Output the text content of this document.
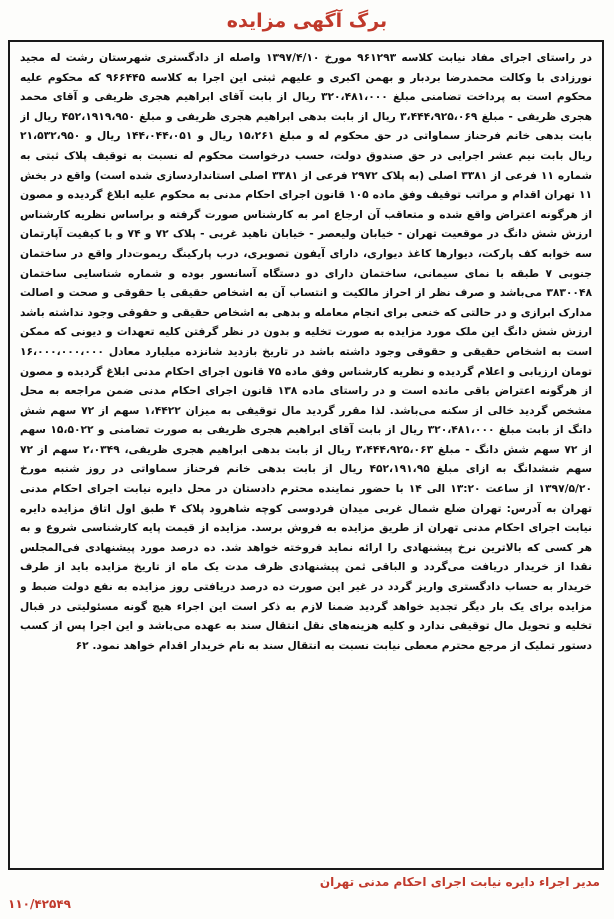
برگ آگهی مزایده

در راستای اجرای مفاد نیابت کلاسه ۹۶۱۲۹۳ مورخ ۱۳۹۷/۴/۱۰ واصله از دادگستری شهرستان رشت له مجید نورزادی با وکالت محمدرضا بردبار و بهمن اکبری و علیهم ثبتی این اجرا به کلاسه ۹۶۶۴۴۵ که محکوم علیه محکوم است به پرداخت تضامنی مبلغ ۳۲۰،۴۸۱،۰۰۰ ریال از بابت آقای ابراهیم هجری ظریفی و آقای محمد هجری ظریفی - مبلغ ۳،۴۴۴،۹۲۵،۰۶۹ ریال از بابت بدهی ابراهیم هجری ظریفی و مبلغ ۴۵۲،۱۹۱۹،۹۵۰ ریال از بابت بدهی خانم فرحناز سماواتی در حق محکوم له و مبلغ ۱۵،۲۶۱ ریال و ۱۴۴،۰۴۴،۰۵۱ ریال و ۲۱،۵۳۲،۹۵۰ ریال بابت نیم عشر اجرایی در حق صندوق دولت، حسب درخواست محکوم له نسبت به توقیف پلاک ثبتی به شماره ۱۱ فرعی از ۳۳۸۱ اصلی (به پلاک ۲۹۷۲ فرعی از ۳۳۸۱ اصلی استانداردسازی شده است) واقع در بخش ۱۱ تهران اقدام و مراتب توقیف وفق ماده ۱۰۵ قانون اجرای احکام مدنی به محکوم علیه ابلاغ گردیده و مصون از هرگونه اعتراض واقع شده و متعاقب آن ارجاع امر به کارشناس صورت گرفته و براساس نظریه کارشناس ارزش شش دانگ در موقعیت تهران - خیابان ولیعصر - خیابان ناهید غربی - پلاک ۷۲ و ۷۴ و با کیفیت آپارتمان سه خوابه کف پارکت، دیوارها کاغذ دیواری، دارای آیفون تصویری، درب پارکینگ ریموت‌دار واقع در ساختمان جنوبی ۷ طبقه با نمای سیمانی، ساختمان دارای دو دستگاه آسانسور بوده و شماره شناسایی ساختمان ۳۸۳۰۰۴۸ می‌باشد و صرف نظر از احراز مالکیت و انتساب آن به اشخاص حقیقی یا حقوقی و صحت و اصالت مدارک ابرازی و در حالتی که خنعی برای انجام معامله و بدهی به اشخاص حقیقی و حقوقی وجود نداشته باشد ارزش شش دانگ این ملک مورد مزایده به صورت تخلیه و بدون در نظر گرفتن کلیه تعهدات و دیونی که ممکن است به اشخاص حقیقی و حقوقی وجود داشته باشد در تاریخ بازدید شانزده میلیارد معادل ۱۶،۰۰۰،۰۰۰،۰۰۰ تومان ارزیابی و اعلام گردیده و نظریه کارشناس وفق ماده ۷۵ قانون اجرای احکام مدنی ابلاغ گردیده و مصون از هرگونه اعتراض باقی مانده است و در راستای ماده ۱۳۸ قانون اجرای احکام مدنی ضمن مراجعه به محل مشخص گردید خالی از سکنه می‌باشد. لذا مقرر گردید مال توقیفی به میزان ۱،۴۴۲۲ سهم از ۷۲ سهم شش دانگ از بابت مبلغ ۳۲۰،۴۸۱،۰۰۰ ریال از بابت آقای ابراهیم هجری ظریفی به صورت تضامنی و ۱۵،۵۰۲۲ سهم از ۷۲ سهم شش دانگ - مبلغ ۳،۴۴۴،۹۲۵،۰۶۳ ریال از بابت بدهی ابراهیم هجری ظریفی، ۲،۰۳۴۹ سهم از ۷۲ سهم ششدانگ به ازای مبلغ ۴۵۲،۱۹۱،۹۵ ریال از بابت بدهی خانم فرحناز سماواتی در روز شنبه مورخ ۱۳۹۷/۵/۲۰ از ساعت ۱۳:۲۰ الی ۱۴ با حضور نماینده محترم دادستان در محل دایره نیابت اجرای احکام مدنی تهران به آدرس: تهران ضلع شمال غربی میدان فردوسی کوچه شاهرود پلاک ۴ طبق اول اتاق مزایده دایره نیابت اجرای احکام مدنی تهران از طریق مزایده به فروش برسد. مزایده از قیمت پایه کارشناسی شروع و به هر کسی که بالاترین نرخ پیشنهادی را ارائه نماید فروخته خواهد شد. ده درصد مورد پیشنهادی فی‌المجلس نقدا از خریدار دریافت می‌گردد و الباقی ثمن پیشنهادی ظرف مدت یک ماه از تاریخ مزایده باید از طرف خریدار به حساب دادگستری واریز گردد در غیر این صورت ده درصد دریافتی روز مزایده به نفع دولت ضبط و مزایده برای یک بار دیگر تجدید خواهد گردید ضمنا لازم به ذکر است این اجراء هیچ گونه مسئولیتی در قبال تخلیه و تحویل مال توقیفی ندارد و کلیه هزینه‌های نقل انتقال سند به عهده می‌باشد و این اجرا پس از کسب دستور تملیک از مرجع محترم معطی نیابت نسبت به انتقال سند به نام خریدار اقدام خواهد نمود. ۶۲

مدیر اجراء دایره نیابت اجرای احکام مدنی تهران
۱۱۰/۴۲۵۴۹
